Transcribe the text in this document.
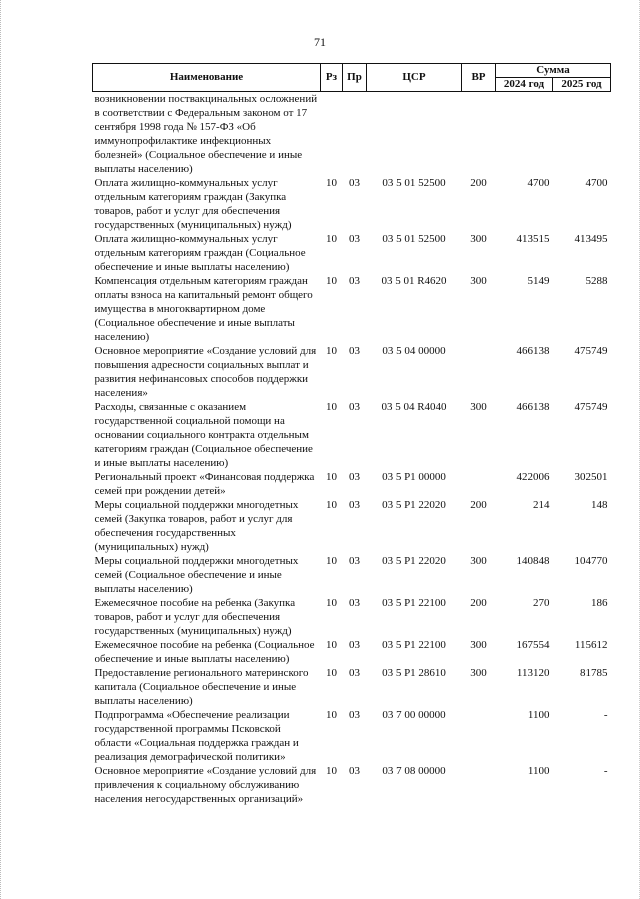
71
Наименование	Рз	Пр	ЦСР	ВР	Сумма	
					2024 год	2025 год
возникновении поствакцинальных осложнений в соответствии с Федеральным законом от 17 сентября 1998 года № 157-ФЗ «Об иммунопрофилактике инфекционных болезней» (Социальное обеспечение и иные выплаты населению)						
Оплата жилищно-коммунальных услуг отдельным категориям граждан (Закупка товаров, работ и услуг для обеспечения государственных (муниципальных) нужд)	10	03	03 5 01 52500	200	4700	4700
Оплата жилищно-коммунальных услуг отдельным категориям граждан (Социальное обеспечение и иные выплаты населению)	10	03	03 5 01 52500	300	413515	413495
Компенсация отдельным категориям граждан оплаты взноса на капитальный ремонт общего имущества в многоквартирном доме (Социальное обеспечение и иные выплаты населению)	10	03	03 5 01 R4620	300	5149	5288
Основное мероприятие «Создание условий для повышения адресности социальных выплат и развития нефинансовых способов поддержки населения»	10	03	03 5 04 00000		466138	475749
Расходы, связанные с оказанием государственной социальной помощи на основании социального контракта отдельным категориям граждан (Социальное обеспечение и иные выплаты населению)	10	03	03 5 04 R4040	300	466138	475749
Региональный проект «Финансовая поддержка семей при рождении детей»	10	03	03 5 P1 00000		422006	302501
Меры социальной поддержки многодетных семей (Закупка товаров, работ и услуг для обеспечения государственных (муниципальных) нужд)	10	03	03 5 P1 22020	200	214	148
Меры социальной поддержки многодетных семей (Социальное обеспечение и иные выплаты населению)	10	03	03 5 P1 22020	300	140848	104770
Ежемесячное пособие на ребенка (Закупка товаров, работ и услуг для обеспечения государственных (муниципальных) нужд)	10	03	03 5 P1 22100	200	270	186
Ежемесячное пособие на ребенка (Социальное обеспечение и иные выплаты населению)	10	03	03 5 P1 22100	300	167554	115612
Предоставление регионального материнского капитала (Социальное обеспечение и иные выплаты населению)	10	03	03 5 P1 28610	300	113120	81785
Подпрограмма «Обеспечение реализации государственной программы Псковской области «Социальная поддержка граждан и реализация демографической политики»	10	03	03 7 00 00000		1100	-
Основное мероприятие «Создание условий для привлечения к социальному обслуживанию населения негосударственных организаций»	10	03	03 7 08 00000		1100	-
